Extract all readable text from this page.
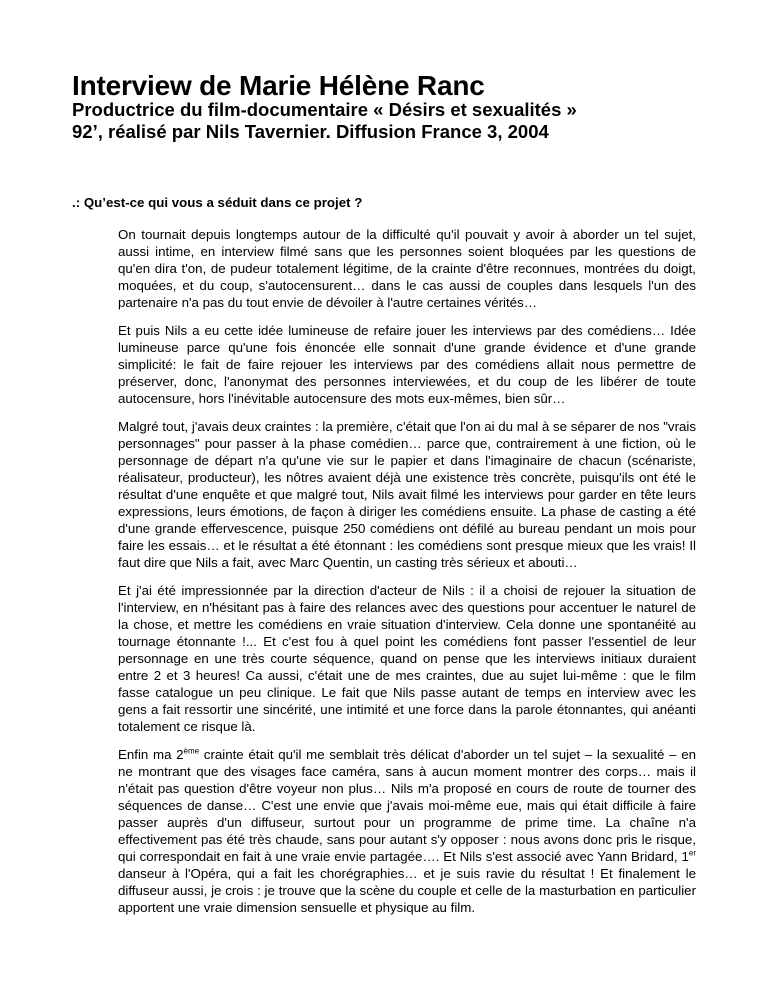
Interview de Marie Hélène Ranc
Productrice du film-documentaire « Désirs et sexualités »
92’, réalisé par Nils Tavernier. Diffusion France 3, 2004

.: Qu’est-ce qui vous a séduit dans ce projet ?

On tournait depuis longtemps autour de la difficulté qu'il pouvait y avoir à aborder un tel sujet, aussi intime, en interview filmé sans que les personnes soient bloquées par les questions de qu'en dira t'on, de pudeur totalement légitime, de la crainte d'être reconnues, montrées du doigt, moquées, et du coup, s'autocensurent… dans le cas aussi de couples dans lesquels l'un des partenaire n'a pas du tout envie de dévoiler à l'autre certaines vérités…

Et puis Nils a eu cette idée lumineuse de refaire jouer les interviews par des comédiens… Idée lumineuse parce qu'une fois énoncée elle sonnait d'une grande évidence et d'une grande simplicité: le fait de faire rejouer les interviews par des comédiens allait nous permettre de préserver, donc, l'anonymat des personnes interviewées, et du coup de les libérer de toute autocensure, hors l'inévitable autocensure des mots eux-mêmes, bien sûr…

Malgré tout, j'avais deux craintes : la première, c'était que l'on ai du mal à se séparer de nos "vrais personnages" pour passer à la phase comédien… parce que, contrairement à une fiction, où le personnage de départ n'a qu'une vie sur le papier et dans l'imaginaire de chacun (scénariste, réalisateur, producteur), les nôtres avaient déjà une existence très concrète, puisqu'ils ont été le résultat d'une enquête et que malgré tout, Nils avait filmé les interviews pour garder en tête leurs expressions, leurs émotions, de façon à diriger les comédiens ensuite. La phase de casting a été d'une grande effervescence, puisque 250 comédiens ont défilé au bureau pendant un mois pour faire les essais… et le résultat a été étonnant : les comédiens sont presque mieux que les vrais! Il faut dire que Nils a fait, avec Marc Quentin, un casting très sérieux et abouti…

Et j'ai été impressionnée par la direction d'acteur de Nils : il a choisi de rejouer la situation de l'interview, en n'hésitant pas à faire des relances avec des questions pour accentuer le naturel de la chose, et mettre les comédiens en vraie situation d'interview. Cela donne une spontanéité au tournage étonnante !... Et c'est fou à quel point les comédiens font passer l'essentiel de leur personnage en une très courte séquence, quand on pense que les interviews initiaux duraient entre 2 et 3 heures! Ca aussi, c'était une de mes craintes, due au sujet lui-même : que le film fasse catalogue un peu clinique. Le fait que Nils passe autant de temps en interview avec les gens a fait ressortir une sincérité, une intimité et une force dans la parole étonnantes, qui anéanti totalement ce risque là.

Enfin ma 2ème crainte était qu'il me semblait très délicat d'aborder un tel sujet – la sexualité – en ne montrant que des visages face caméra, sans à aucun moment montrer des corps… mais il n'était pas question d'être voyeur non plus… Nils m'a proposé en cours de route de tourner des séquences de danse… C'est une envie que j'avais moi-même eue, mais qui était difficile à faire passer auprès d'un diffuseur, surtout pour un programme de prime time. La chaîne n'a effectivement pas été très chaude, sans pour autant s'y opposer : nous avons donc pris le risque, qui correspondait en fait à une vraie envie partagée…. Et Nils s'est associé avec Yann Bridard, 1er danseur à l'Opéra, qui a fait les chorégraphies… et je suis ravie du résultat ! Et finalement le diffuseur aussi, je crois : je trouve que la scène du couple et celle de la masturbation en particulier apportent une vraie dimension sensuelle et physique au film.
